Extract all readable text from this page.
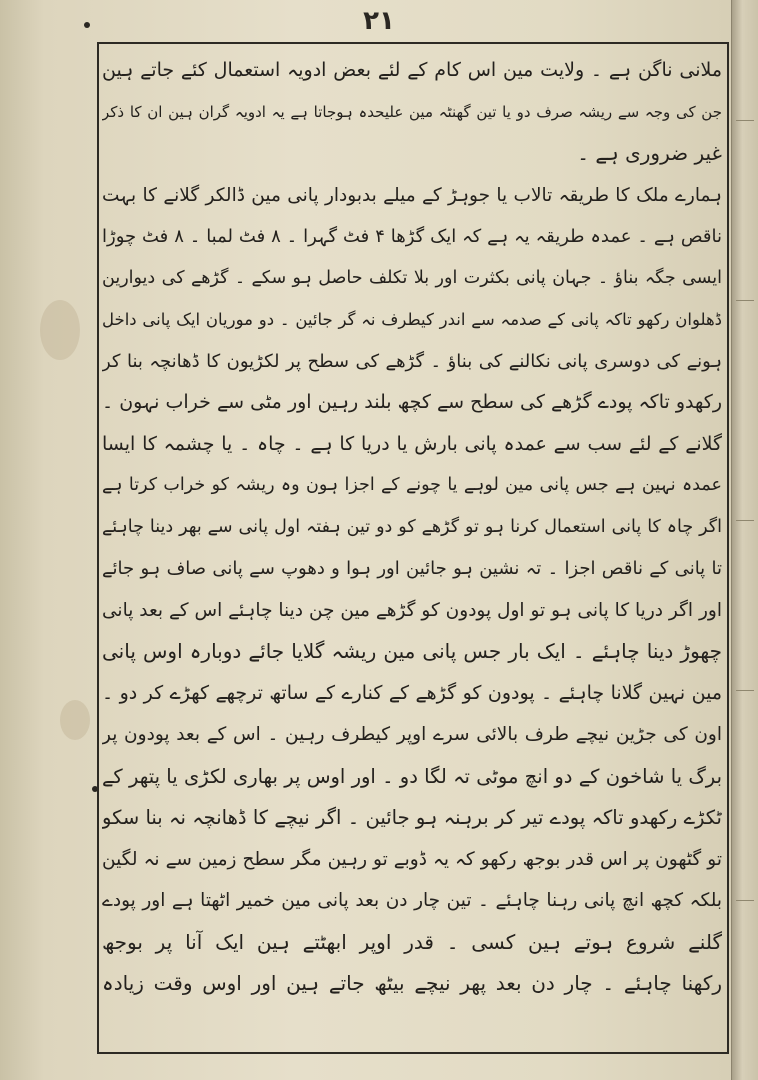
۲۱
ملانی ناگن ہے ۔ ولایت مین اس کام کے لئے بعض ادویہ استعمال کئے جاتے ہین
جن کی وجہ سے ریشہ صرف دو یا تین گھنٹہ مین علیحدہ ہوجاتا ہے یہ ادویہ گران ہین ان کا ذکر
غیر ضروری ہے ۔
ہمارے ملک کا طریقہ تالاب یا جوہڑ کے میلے بدبودار پانی مین ڈالکر گلانے کا بہت
ناقص ہے ۔ عمدہ طریقہ یہ ہے کہ ایک گڑھا ۴ فٹ گہرا ۔ ۸ فٹ لمبا ۔ ۸ فٹ چوڑا
ایسی جگہ بناؤ ۔ جہان پانی بکثرت اور بلا تکلف حاصل ہو سکے ۔ گڑھے کی دیوارین
ڈھلوان رکھو تاکہ پانی کے صدمہ سے اندر کیطرف نہ گر جائین ۔ دو موریان ایک پانی داخل
ہونے کی دوسری پانی نکالنے کی بناؤ ۔ گڑھے کی سطح پر لکڑیون کا ڈھانچہ بنا کر
رکھدو تاکہ پودے گڑھے کی سطح سے کچھ بلند رہین اور مٹی سے خراب نہون ۔
گلانے کے لئے سب سے عمدہ پانی بارش یا دریا کا ہے ۔ چاہ ۔ یا چشمہ کا ایسا
عمدہ نہین ہے جس پانی مین لوہے یا چونے کے اجزا ہون وہ ریشہ کو خراب کرتا ہے
اگر چاہ کا پانی استعمال کرنا ہو تو گڑھے کو دو تین ہفتہ اول پانی سے بھر دینا چاہئے
تا پانی کے ناقص اجزا ۔ تہ نشین ہو جائین اور ہوا و دھوپ سے پانی صاف ہو جائے
اور اگر دریا کا پانی ہو تو اول پودون کو گڑھے مین چن دینا چاہئے اس کے بعد پانی
چھوڑ دینا چاہئے ۔ ایک بار جس پانی مین ریشہ گلایا جائے دوبارہ اوس پانی
مین نہین گلانا چاہئے ۔ پودون کو گڑھے کے کنارے کے ساتھ ترچھے کھڑے کر دو ۔
اون کی جڑین نیچے طرف بالائی سرے اوپر کیطرف رہین ۔ اس کے بعد پودون پر
برگ یا شاخون کے دو انچ موٹی تہ لگا دو ۔ اور اوس پر بھاری لکڑی یا پتھر کے
ٹکڑے رکھدو تاکہ پودے تیر کر برہنہ ہو جائین ۔ اگر نیچے کا ڈھانچہ نہ بنا سکو
تو گٹھون پر اس قدر بوجھ رکھو کہ یہ ڈوبے تو رہین مگر سطح زمین سے نہ لگین
بلکہ کچھ انچ پانی رہنا چاہئے ۔ تین چار دن بعد پانی مین خمیر اٹھتا ہے اور پودے
گلنے شروع ہوتے ہین کسی ۔ قدر اوپر ابھٹتے ہین ایک آنا پر بوجھ
رکھنا چاہئے ۔ چار دن بعد پھر نیچے بیٹھ جاتے ہین اور اوس وقت زیادہ
